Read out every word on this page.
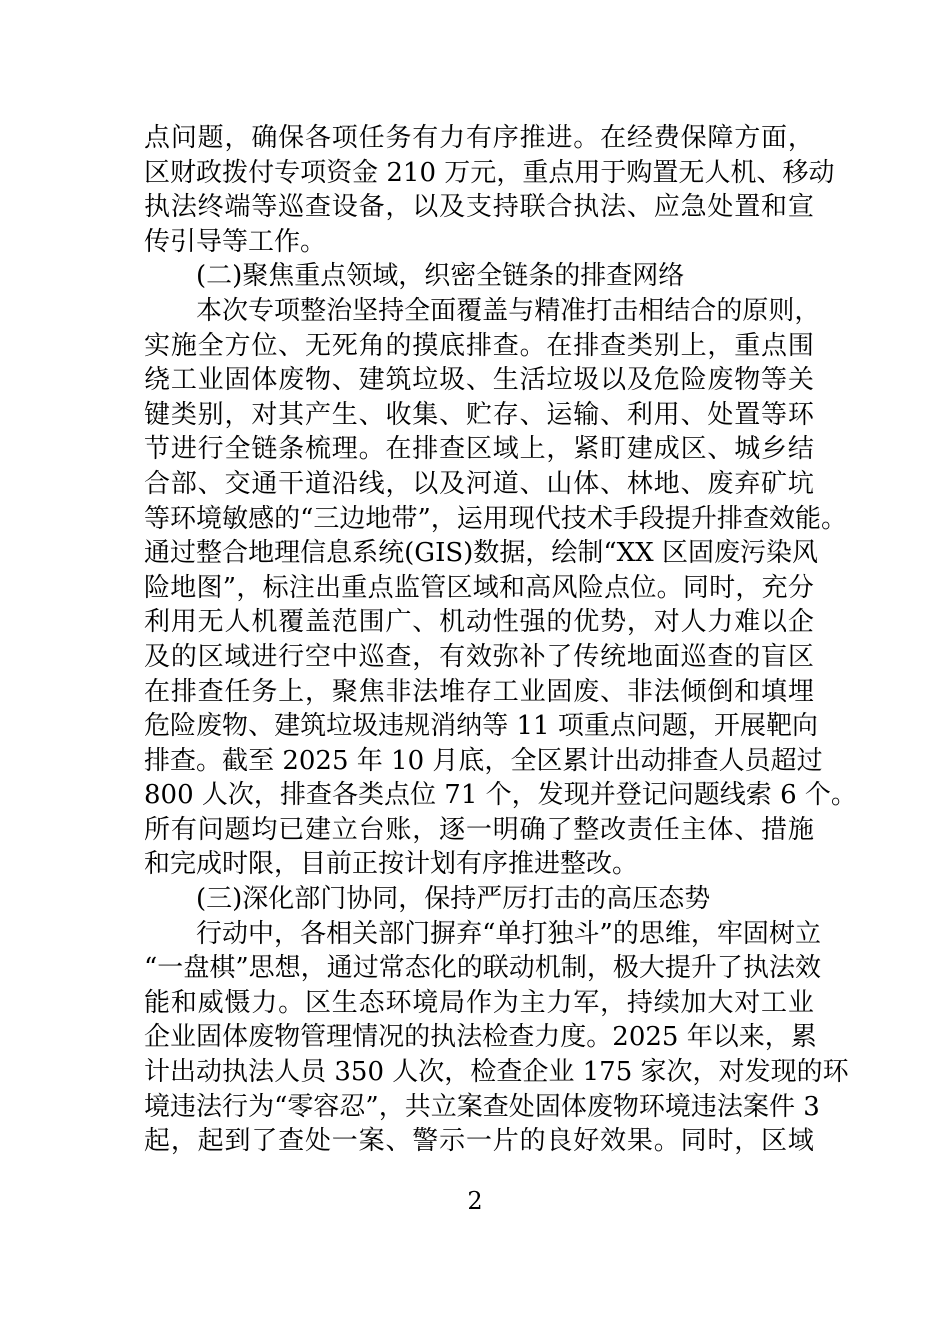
点 问 题 ， 确 保 各 项 任 务 有 力 有 序 推 进 。 在 经 费 保 障 方 面 ，
区 财 政 拨 付 专 项 资 金 210 万 元 ， 重 点 用 于 购 置 无 人 机 、 移 动
执 法 终 端 等 巡 查 设 备 ， 以 及 支 持 联 合 执 法 、 应 急 处 置 和 宣
传引导等工作。
(二)聚焦重点领域，织密全链条的排查网络
本 次 专 项 整 治 坚 持 全 面 覆 盖 与 精 准 打 击 相 结 合 的 原 则 ，
实 施 全 方 位 、 无 死 角 的 摸 底 排 查 。 在 排 查 类 别 上 ， 重 点 围
绕 工 业 固 体 废 物 、 建 筑 垃 圾 、 生 活 垃 圾 以 及 危 险 废 物 等 关
键 类 别 ， 对 其 产 生 、 收 集 、 贮 存 、 运 输 、 利 用 、 处 置 等 环
节 进 行 全 链 条 梳 理 。 在 排 查 区 域 上 ， 紧 盯 建 成 区 、 城 乡 结
合 部 、 交 通 干 道 沿 线 ， 以 及 河 道 、 山 体 、 林 地 、 废 弃 矿 坑
等 环 境 敏 感 的 “ 三 边 地 带 ” ， 运 用 现 代 技 术 手 段 提 升 排 查 效 能 。
通 过 整 合 地 理 信 息 系 统 (GIS) 数 据 ， 绘 制 “ XX 区 固 废 污 染 风
险 地 图 ” ， 标 注 出 重 点 监 管 区 域 和 高 风 险 点 位 。 同 时 ， 充 分
利 用 无 人 机 覆 盖 范 围 广 、 机 动 性 强 的 优 势 ， 对 人 力 难 以 企
及 的 区 域 进 行 空 中 巡 查 ， 有 效 弥 补 了 传 统 地 面 巡 查 的 盲 区
在 排 查 任 务 上 ， 聚 焦 非 法 堆 存 工 业 固 废 、 非 法 倾 倒 和 填 埋
危 险 废 物 、 建 筑 垃 圾 违 规 消 纳 等 11 项 重 点 问 题 ， 开 展 靶 向
排 查 。 截 至 2025 年 10 月 底 ， 全 区 累 计 出 动 排 查 人 员 超 过
800 人 次 ， 排 查 各 类 点 位 71 个 ， 发 现 并 登 记 问 题 线 索 6 个 。
所 有 问 题 均 已 建 立 台 账 ， 逐 一 明 确 了 整 改 责 任 主 体 、 措 施
和完成时限，目前正按计划有序推进整改。
(三)深化部门协同，保持严厉打击的高压态势
行 动 中 ， 各 相 关 部 门 摒 弃 “ 单 打 独 斗 ” 的 思 维 ， 牢 固 树 立
“ 一 盘 棋 ” 思 想 ， 通 过 常 态 化 的 联 动 机 制 ， 极 大 提 升 了 执 法 效
能 和 威 慑 力 。 区 生 态 环 境 局 作 为 主 力 军 ， 持 续 加 大 对 工 业
企 业 固 体 废 物 管 理 情 况 的 执 法 检 查 力 度 。 2025 年 以 来 ， 累
计 出 动 执 法 人 员 350 人 次 ， 检 查 企 业 175 家 次 ， 对 发 现 的 环
境 违 法 行 为 “ 零 容 忍 ” ， 共 立 案 查 处 固 体 废 物 环 境 违 法 案 件 3
起 ， 起 到 了 查 处 一 案 、 警 示 一 片 的 良 好 效 果 。 同 时 ， 区 域
2
